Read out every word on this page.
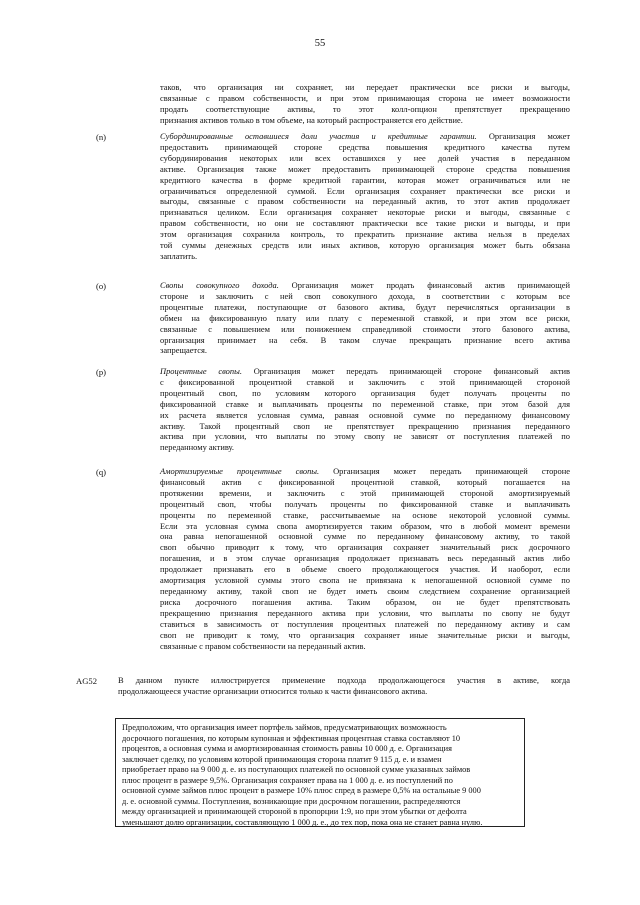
55
таков, что организация ни сохраняет, ни передает практически все риски и выгоды,
связанные с правом собственности, и при этом принимающая сторона не имеет возможности
продать соответствующие активы, то этот колл-опцион препятствует прекращению
признания активов только в том объеме, на который распространяется его действие.
(n)	Субординированные оставшиеся доли участия и кредитные гарантии. Организация может
предоставить принимающей стороне средства повышения кредитного качества путем
субординирования некоторых или всех оставшихся у нее долей участия в переданном
активе. Организация также может предоставить принимающей стороне средства повышения
кредитного качества в форме кредитной гарантии, которая может ограничиваться или не
ограничиваться определенной суммой. Если организация сохраняет практически все риски и
выгоды, связанные с правом собственности на переданный актив, то этот актив продолжает
признаваться целиком. Если организация сохраняет некоторые риски и выгоды, связанные с
правом собственности, но они не составляют практически все такие риски и выгоды, и при
этом организация сохранила контроль, то прекратить признание актива нельзя в пределах
той суммы денежных средств или иных активов, которую организация может быть обязана
заплатить.
(o)	Свопы совокупного дохода. Организация может продать финансовый актив принимающей
стороне и заключить с ней своп совокупного дохода, в соответствии с которым все
процентные платежи, поступающие от базового актива, будут перечисляться организации в
обмен на фиксированную плату или плату с переменной ставкой, и при этом все риски,
связанные с повышением или понижением справедливой стоимости этого базового актива,
организация принимает на себя. В таком случае прекращать признание всего актива
запрещается.
(p)	Процентные свопы. Организация может передать принимающей стороне финансовый актив
с фиксированной процентной ставкой и заключить с этой принимающей стороной
процентный своп, по условиям которого организация будет получать проценты по
фиксированной ставке и выплачивать проценты по переменной ставке, при этом базой для
их расчета является условная сумма, равная основной сумме по переданному финансовому
активу. Такой процентный своп не препятствует прекращению признания переданного
актива при условии, что выплаты по этому свопу не зависят от поступления платежей по
переданному активу.
(q)	Амортизируемые процентные свопы. Организация может передать принимающей стороне
финансовый актив с фиксированной процентной ставкой, который погашается на
протяжении времени, и заключить с этой принимающей стороной амортизируемый
процентный своп, чтобы получать проценты по фиксированной ставке и выплачивать
проценты по переменной ставке, рассчитываемые на основе некоторой условной суммы.
Если эта условная сумма свопа амортизируется таким образом, что в любой момент времени
она равна непогашенной основной сумме по переданному финансовому активу, то такой
своп обычно приводит к тому, что организация сохраняет значительный риск досрочного
погашения, и в этом случае организация продолжает признавать весь переданный актив либо
продолжает признавать его в объеме своего продолжающегося участия. И наоборот, если
амортизация условной суммы этого свопа не привязана к непогашенной основной сумме по
переданному активу, такой своп не будет иметь своим следствием сохранение организацией
риска досрочного погашения актива. Таким образом, он не будет препятствовать
прекращению признания переданного актива при условии, что выплаты по свопу не будут
ставиться в зависимость от поступления процентных платежей по переданному активу и сам
своп не приводит к тому, что организация сохраняет иные значительные риски и выгоды,
связанные с правом собственности на переданный актив.
AG52 В данном пункте иллюстрируется применение подхода продолжающегося участия в активе, когда
продолжающееся участие организации относится только к части финансового актива.
Предположим, что организация имеет портфель займов, предусматривающих возможность
досрочного погашения, по которым купонная и эффективная процентная ставка составляют 10
процентов, а основная сумма и амортизированная стоимость равны 10 000 д. е. Организация
заключает сделку, по условиям которой принимающая сторона платит 9 115 д. е. и взамен
приобретает право на 9 000 д. е. из поступающих платежей по основной сумме указанных займов
плюс процент в размере 9,5%. Организация сохраняет права на 1 000 д. е. из поступлений по
основной сумме займов плюс процент в размере 10% плюс спред в размере 0,5% на остальные 9 000
д. е. основной суммы. Поступления, возникающие при досрочном погашении, распределяются
между организацией и принимающей стороной в пропорции 1:9, но при этом убытки от дефолта
уменьшают долю организации, составляющую 1 000 д. е., до тех пор, пока она не станет равна нулю.
